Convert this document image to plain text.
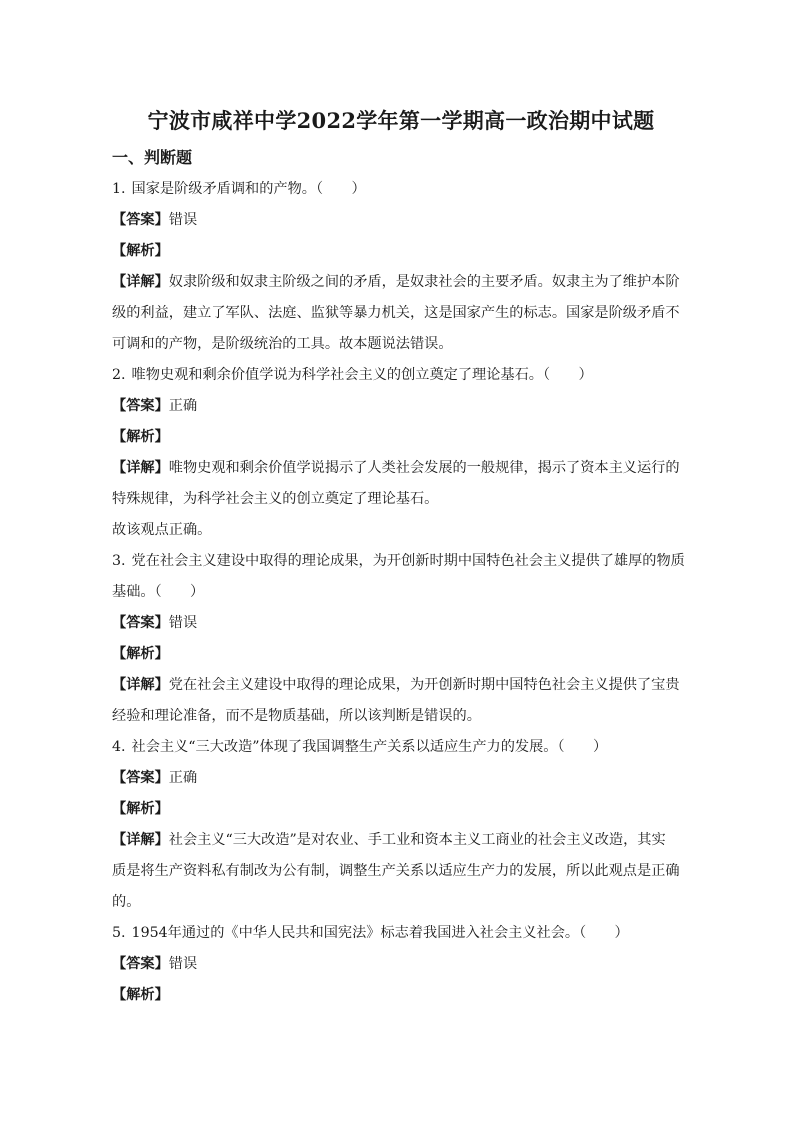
宁波市咸祥中学2022学年第一学期高一政治期中试题
一、判断题

1. 国家是阶级矛盾调和的产物。（　　）

【答案】错误

【解析】

【详解】奴隶阶级和奴隶主阶级之间的矛盾，是奴隶社会的主要矛盾。奴隶主为了维护本阶

级的利益，建立了军队、法庭、监狱等暴力机关，这是国家产生的标志。国家是阶级矛盾不

可调和的产物，是阶级统治的工具。故本题说法错误。

2. 唯物史观和剩余价值学说为科学社会主义的创立奠定了理论基石。（　　）

【答案】正确

【解析】

【详解】唯物史观和剩余价值学说揭示了人类社会发展的一般规律，揭示了资本主义运行的

特殊规律，为科学社会主义的创立奠定了理论基石。

故该观点正确。

3. 党在社会主义建设中取得的理论成果，为开创新时期中国特色社会主义提供了雄厚的物质

基础。（　　）

【答案】错误

【解析】

【详解】党在社会主义建设中取得的理论成果，为开创新时期中国特色社会主义提供了宝贵

经验和理论准备，而不是物质基础，所以该判断是错误的。

4. 社会主义“三大改造”体现了我国调整生产关系以适应生产力的发展。（　　）

【答案】正确

【解析】

【详解】社会主义“三大改造”是对农业、手工业和资本主义工商业的社会主义改造，其实

质是将生产资料私有制改为公有制，调整生产关系以适应生产力的发展，所以此观点是正确

的。

5. 1954年通过的《中华人民共和国宪法》标志着我国进入社会主义社会。（　　）

【答案】错误

【解析】
